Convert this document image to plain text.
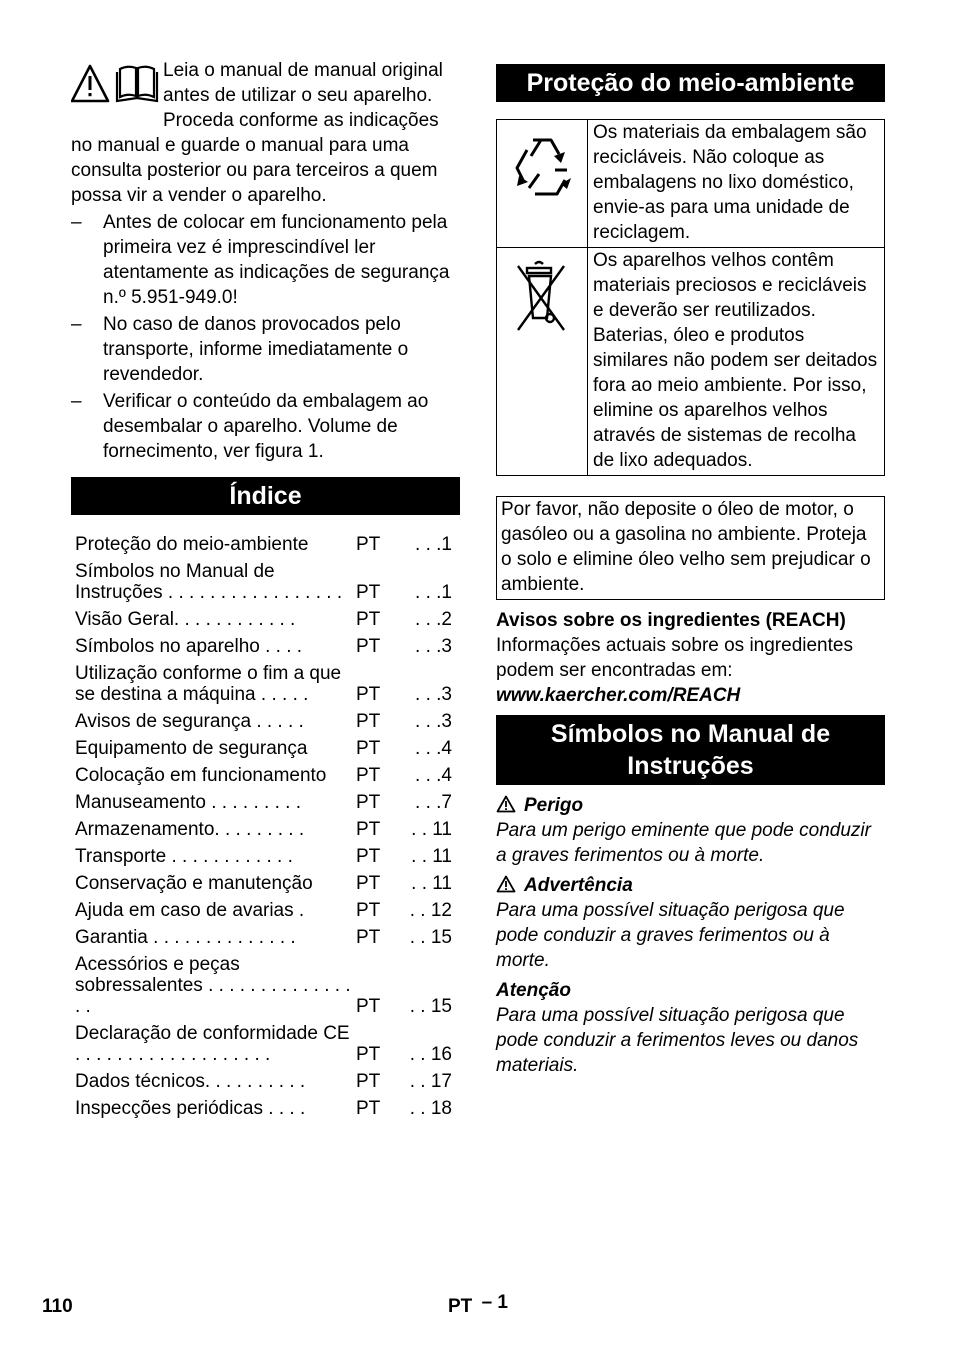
Leia o manual de manual original antes de utilizar o seu aparelho. Proceda conforme as indicações no manual e guarde o manual para uma consulta posterior ou para terceiros a quem possa vir a vender o aparelho.

– Antes de colocar em funcionamento pela primeira vez é imprescindível ler atentamente as indicações de segurança n.º 5.951-949.0!
– No caso de danos provocados pelo transporte, informe imediatamente o revendedor.
– Verificar o conteúdo da embalagem ao desembalar o aparelho. Volume de fornecimento, ver figura 1.
Índice
Proteção do meio-ambiente	PT	. . .1
Símbolos no Manual de Instruções . . . . . . . . . . . . . . . . .	PT	. . .1
Visão Geral. . . . . . . . . . . .	PT	. . .2
Símbolos no aparelho . . . .	PT	. . .3
Utilização conforme o fim a que se destina a máquina . . . . .	PT	. . .3
Avisos de segurança . . . . .	PT	. . .3
Equipamento de segurança	PT	. . .4
Colocação em funcionamento	PT	. . .4
Manuseamento . . . . . . . . .	PT	. . .7
Armazenamento. . . . . . . . .	PT	. . 11
Transporte . . . . . . . . . . . .	PT	. . 11
Conservação e manutenção	PT	. . 11
Ajuda em caso de avarias .	PT	. . 12
Garantia . . . . . . . . . . . . . .	PT	. . 15
Acessórios e peças sobressalentes . . . . . . . . . . . . . . . .	PT	. . 15
Declaração de conformidade CE . . . . . . . . . . . . . . . . . . .	PT	. . 16
Dados técnicos. . . . . . . . . .	PT	. . 17
Inspecções periódicas . . . .	PT	. . 18
Proteção do meio-ambiente
	Os materiais da embalagem são recicláveis. Não coloque as embalagens no lixo doméstico, envie-as para uma unidade de reciclagem.
	Os aparelhos velhos contêm materiais preciosos e recicláveis e deverão ser reutilizados. Baterias, óleo e produtos similares não podem ser deitados fora ao meio ambiente. Por isso, elimine os aparelhos velhos através de sistemas de recolha de lixo adequados.

Por favor, não deposite o óleo de motor, o gasóleo ou a gasolina no ambiente. Proteja o solo e elimine óleo velho sem prejudicar o ambiente.

Avisos sobre os ingredientes (REACH)

Informações actuais sobre os ingredientes podem ser encontradas em:

www.kaercher.com/REACH

Símbolos no Manual de Instruções

Perigo

Para um perigo eminente que pode conduzir a graves ferimentos ou à morte.

Advertência

Para uma possível situação perigosa que pode conduzir a graves ferimentos ou à morte.

Atenção

Para uma possível situação perigosa que pode conduzir a ferimentos leves ou danos materiais.

110	PT – 1
